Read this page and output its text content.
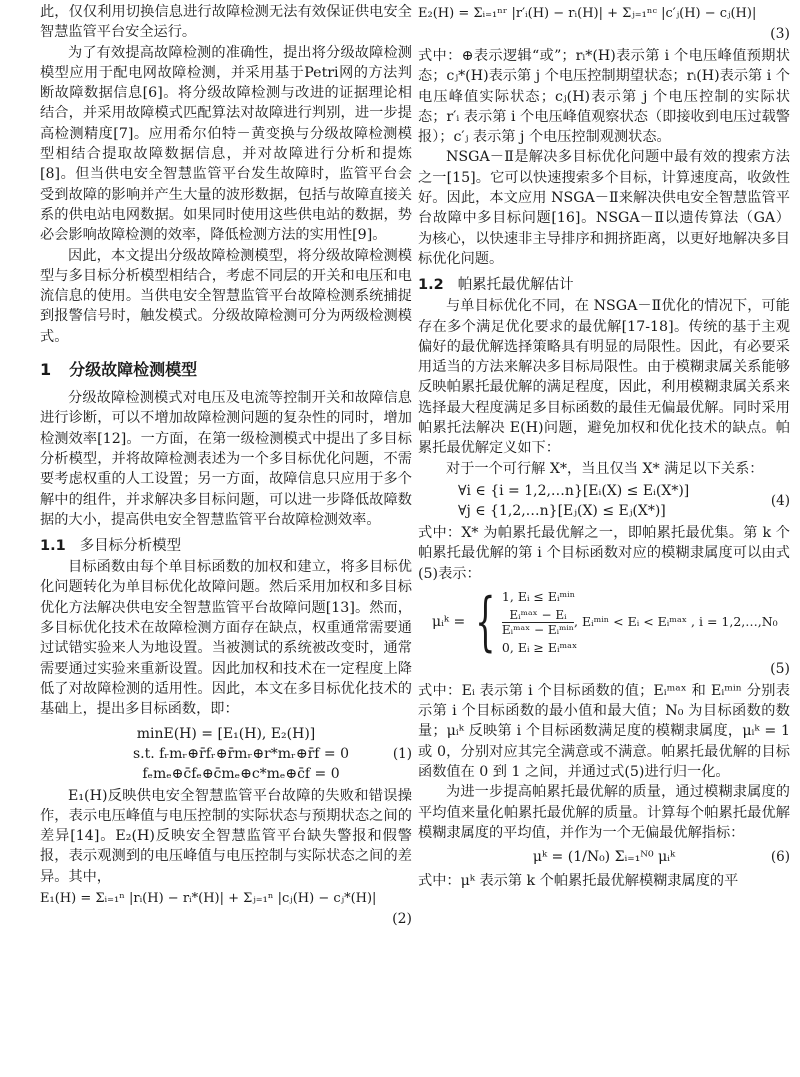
此，仅仅利用切换信息进行故障检测无法有效保证供电安全智慧监管平台安全运行。

为了有效提高故障检测的准确性，提出将分级故障检测模型应用于配电网故障检测，并采用基于Petri网的方法判断故障数据信息[6]。将分级故障检测与改进的证据理论相结合，并采用故障模式匹配算法对故障进行判别，进一步提高检测精度[7]。应用希尔伯特－黄变换与分级故障检测模型相结合提取故障数据信息，并对故障进行分析和提炼[8]。但当供电安全智慧监管平台发生故障时，监管平台会受到故障的影响并产生大量的波形数据，包括与故障直接关系的供电站电网数据。如果同时使用这些供电站的数据，势必会影响故障检测的效率，降低检测方法的实用性[9]。

因此，本文提出分级故障检测模型，将分级故障检测模型与多目标分析模型相结合，考虑不同层的开关和电压和电流信息的使用。当供电安全智慧监管平台故障检测系统捕捉到报警信号时，触发模式。分级故障检测可分为两级检测模式。

1 分级故障检测模型

分级故障检测模式对电压及电流等控制开关和故障信息进行诊断，可以不增加故障检测问题的复杂性的同时，增加检测效率[12]。一方面，在第一级检测模式中提出了多目标分析模型，并将故障检测表述为一个多目标优化问题，不需要考虑权重的人工设置；另一方面，故障信息只应用于多个解中的组件，并求解决多目标问题，可以进一步降低故障数据的大小，提高供电安全智慧监管平台故障检测效率。

1.1 多目标分析模型

目标函数由每个单目标函数的加权和建立，将多目标优化问题转化为单目标优化故障问题。然后采用加权和多目标优化方法解决供电安全智慧监管平台故障问题[13]。然而，多目标优化技术在故障检测方面存在缺点，权重通常需要通过试错实验来人为地设置。当被测试的系统被改变时，通常需要通过实验来重新设置。因此加权和技术在一定程度上降低了对故障检测的适用性。因此，本文在多目标优化技术的基础上，提出多目标函数，即：

minE(H) = [E₁(H), E₂(H)]
s.t. fᵣmᵣ⊕r̄fᵣ⊕r̄mᵣ⊕r*mᵣ⊕r̄f = 0	(1)
fₑmₑ⊕c̄fₑ⊕c̄mₑ⊕c*mₑ⊕c̄f = 0

E₁(H)反映供电安全智慧监管平台故障的失败和错误操作，表示电压峰值与电压控制的实际状态与预期状态之间的差异[14]。E₂(H)反映安全智慧监管平台缺失警报和假警报，表示观测到的电压峰值与电压控制与实际状态之间的差异。其中，

E₁(H) = Σᵢ₌₁ⁿ |rᵢ(H) − rᵢ*(H)| + Σⱼ₌₁ⁿ |cⱼ(H) − cⱼ*(H)|
(2)
E₂(H) = Σᵢ₌₁ⁿʳ |r′ᵢ(H) − rᵢ(H)| + Σⱼ₌₁ⁿᶜ |c′ⱼ(H) − cⱼ(H)|
(3)

式中：⊕表示逻辑“或”；rᵢ*(H)表示第 i 个电压峰值预期状态；cⱼ*(H)表示第 j 个电压控制期望状态；rᵢ(H)表示第 i 个电压峰值实际状态；cⱼ(H)表示第 j 个电压控制的实际状态；r′ᵢ 表示第 i 个电压峰值观察状态（即接收到电压过载警报）；c′ⱼ 表示第 j 个电压控制观测状态。

NSGA－Ⅱ是解决多目标优化问题中最有效的搜索方法之一[15]。它可以快速搜索多个目标，计算速度高，收敛性好。因此，本文应用 NSGA－Ⅱ来解决供电安全智慧监管平台故障中多目标问题[16]。NSGA－Ⅱ以遗传算法（GA）为核心，以快速非主导排序和拥挤距离，以更好地解决多目标优化问题。

1.2 帕累托最优解估计

与单目标优化不同，在 NSGA－Ⅱ优化的情况下，可能存在多个满足优化要求的最优解[17-18]。传统的基于主观偏好的最优解选择策略具有明显的局限性。因此，有必要采用适当的方法来解决多目标局限性。由于模糊隶属关系能够反映帕累托最优解的满足程度，因此，利用模糊隶属关系来选择最大程度满足多目标函数的最佳无偏最优解。同时采用帕累托法解决 E(H)问题，避免加权和优化技术的缺点。帕累托最优解定义如下：

对于一个可行解 X*，当且仅当 X* 满足以下关系：

∀i ∈ {i = 1,2,…n}[Eᵢ(X) ≤ Eᵢ(X*)]
(4)
∀j ∈ {1,2,…n}[Eⱼ(X) ≤ Eⱼ(X*)]

式中：X* 为帕累托最优解之一，即帕累托最优集。第 k 个帕累托最优解的第 i 个目标函数对应的模糊隶属度可以由式(5)表示：

μᵢᵏ = { 1, Eᵢ ≤ Eᵢᵐⁱⁿ
$\frac{\text{Eᵢᵐᵃˣ − Eᵢ}}{\text{Eᵢᵐᵃˣ − Eᵢᵐⁱⁿ}}$ , Eᵢᵐⁱⁿ < Eᵢ < Eᵢᵐᵃˣ , i = 1,2,…,N₀
0, Eᵢ ≥ Eᵢᵐᵃˣ
(5)

式中：Eᵢ 表示第 i 个目标函数的值；Eᵢᵐᵃˣ 和 Eᵢᵐⁱⁿ 分别表示第 i 个目标函数的最小值和最大值；N₀ 为目标函数的数量；μᵢᵏ 反映第 i 个目标函数满足度的模糊隶属度，μᵢᵏ = 1 或 0，分别对应其完全满意或不满意。帕累托最优解的目标函数值在 0 到 1 之间，并通过式(5)进行归一化。

为进一步提高帕累托最优解的质量，通过模糊隶属度的平均值来量化帕累托最优解的质量。计算每个帕累托最优解模糊隶属度的平均值，并作为一个无偏最优解指标：

μᵏ = (1/N₀) Σᵢ₌₁ᴺ⁰ μᵢᵏ	(6)

式中：μᵏ 表示第 k 个帕累托最优解模糊隶属度的平
